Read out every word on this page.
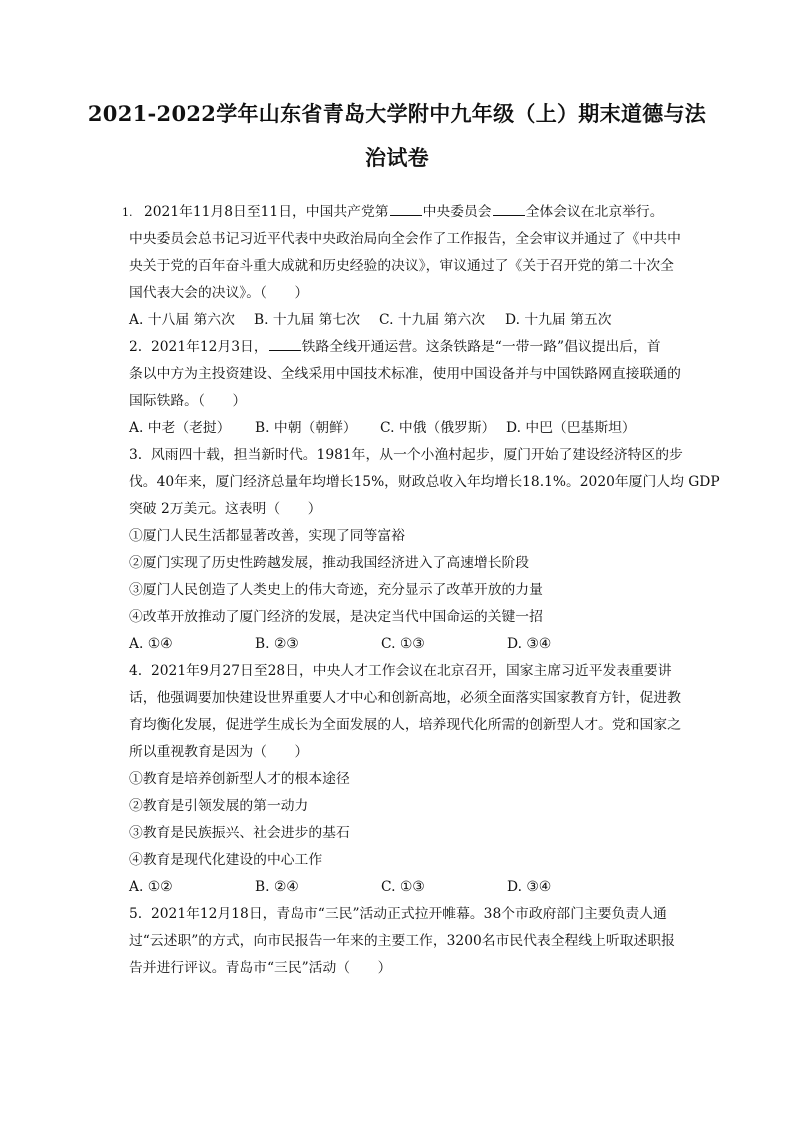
2021-2022学年山东省青岛大学附中九年级（上）期末道德与法
治试卷
1. 2021年11月8日至11日，中国共产党第 中央委员会 全体会议在北京举行。
中央委员会总书记习近平代表中央政治局向全会作了工作报告，全会审议并通过了《中共中
央关于党的百年奋斗重大成就和历史经验的决议》，审议通过了《关于召开党的第二十次全
国代表大会的决议》。（　　）
A. 十八届 第六次	B. 十九届 第七次	C. 十九届 第六次	D. 十九届 第五次
2. 2021年12月3日， 铁路全线开通运营。这条铁路是“一带一路”倡议提出后，首
条以中方为主投资建设、全线采用中国技术标准，使用中国设备并与中国铁路网直接联通的
国际铁路。（　　）
A. 中老（老挝）	B. 中朝（朝鲜）	C. 中俄（俄罗斯） D. 中巴（巴基斯坦）
3. 风雨四十载，担当新时代。1981年，从一个小渔村起步，厦门开始了建设经济特区的步
伐。40年来，厦门经济总量年均增长15%，财政总收入年均增长18.1%。2020年厦门人均 GDP
突破 2万美元。这表明（　　）
①厦门人民生活都显著改善，实现了同等富裕
②厦门实现了历史性跨越发展，推动我国经济进入了高速增长阶段
③厦门人民创造了人类史上的伟大奇迹，充分显示了改革开放的力量
④改革开放推动了厦门经济的发展，是决定当代中国命运的关键一招
A. ①④	B. ②③	C. ①③	D. ③④
4. 2021年9月27日至28日，中央人才工作会议在北京召开，国家主席习近平发表重要讲
话，他强调要加快建设世界重要人才中心和创新高地，必须全面落实国家教育方针，促进教
育均衡化发展，促进学生成长为全面发展的人，培养现代化所需的创新型人才。党和国家之
所以重视教育是因为（　　）
①教育是培养创新型人才的根本途径
②教育是引领发展的第一动力
③教育是民族振兴、社会进步的基石
④教育是现代化建设的中心工作
A. ①②	B. ②④	C. ①③	D. ③④
5. 2021年12月18日，青岛市“三民”活动正式拉开帷幕。38个市政府部门主要负责人通
过“云述职”的方式，向市民报告一年来的主要工作，3200名市民代表全程线上听取述职报
告并进行评议。青岛市“三民”活动（　　）
